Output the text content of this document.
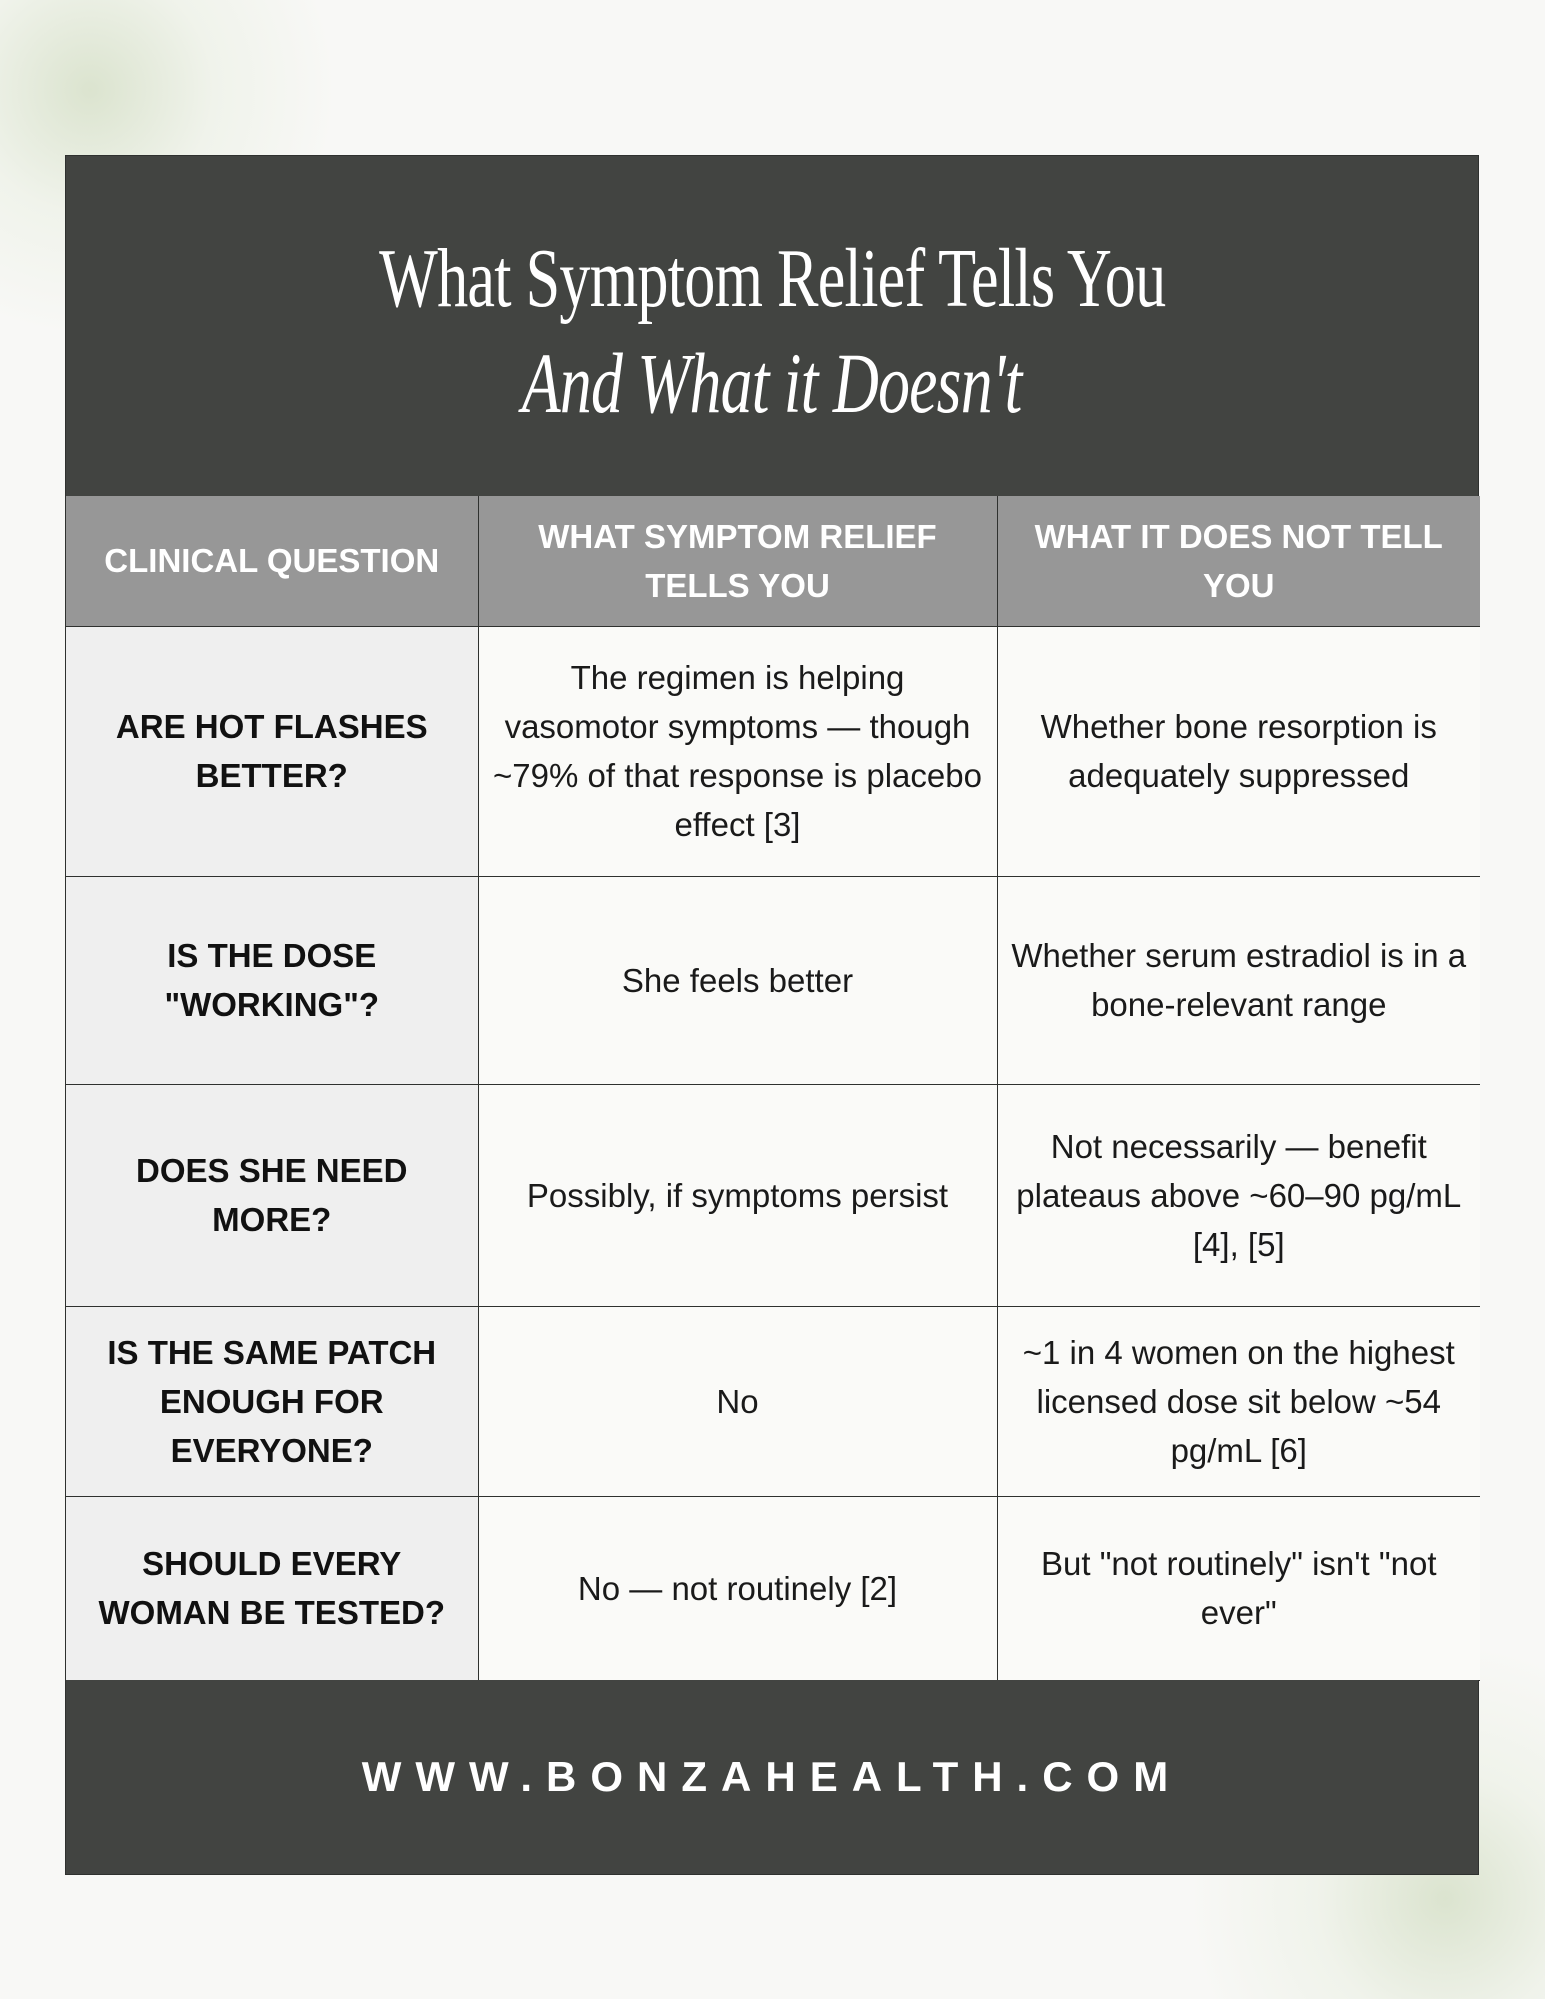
What Symptom Relief Tells You
And What it Doesn't
CLINICAL QUESTION	WHAT SYMPTOM RELIEF TELLS YOU	WHAT IT DOES NOT TELL YOU
ARE HOT FLASHES BETTER?	The regimen is helping vasomotor symptoms — though ~79% of that response is placebo effect [3]	Whether bone resorption is adequately suppressed
IS THE DOSE "WORKING"?	She feels better	Whether serum estradiol is in a bone-relevant range
DOES SHE NEED MORE?	Possibly, if symptoms persist	Not necessarily — benefit plateaus above ~60–90 pg/mL [4], [5]
IS THE SAME PATCH ENOUGH FOR EVERYONE?	No	~1 in 4 women on the highest licensed dose sit below ~54 pg/mL [6]
SHOULD EVERY WOMAN BE TESTED?	No — not routinely [2]	But "not routinely" isn't "not ever"
WWW.BONZAHEALTH.COM
